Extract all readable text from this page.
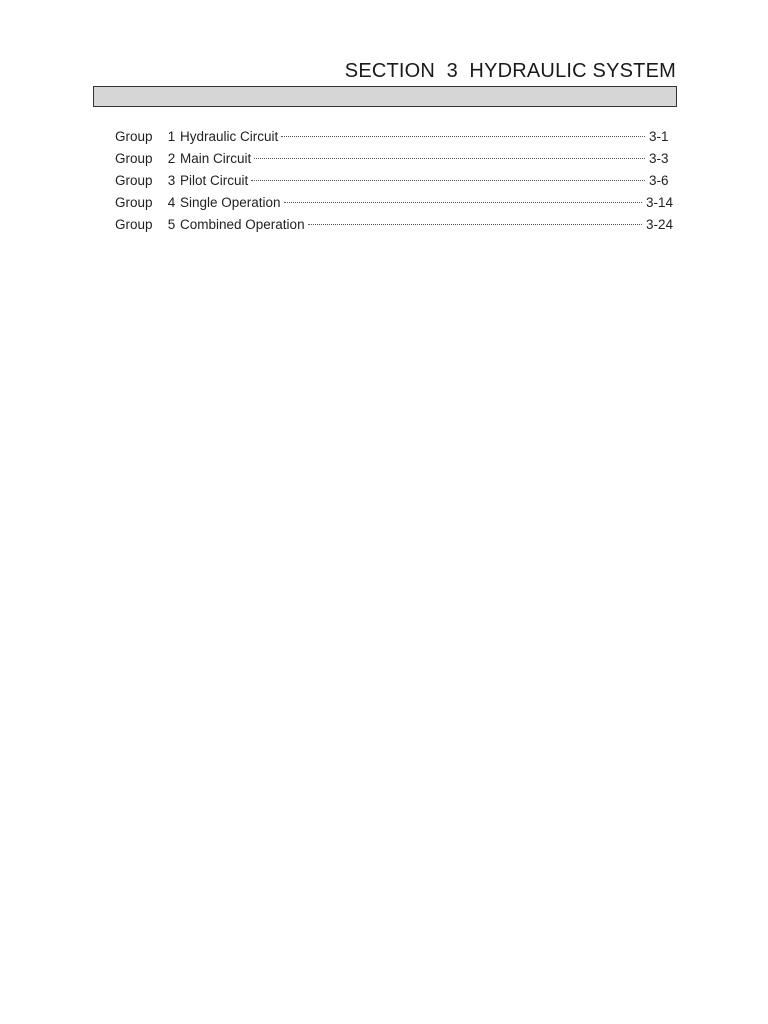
SECTION  3  HYDRAULIC SYSTEM
Group	1 Hydraulic Circuit	3-1
Group	2 Main Circuit	3-3
Group	3 Pilot Circuit	3-6
Group	4 Single Operation	3-14
Group	5 Combined Operation	3-24
